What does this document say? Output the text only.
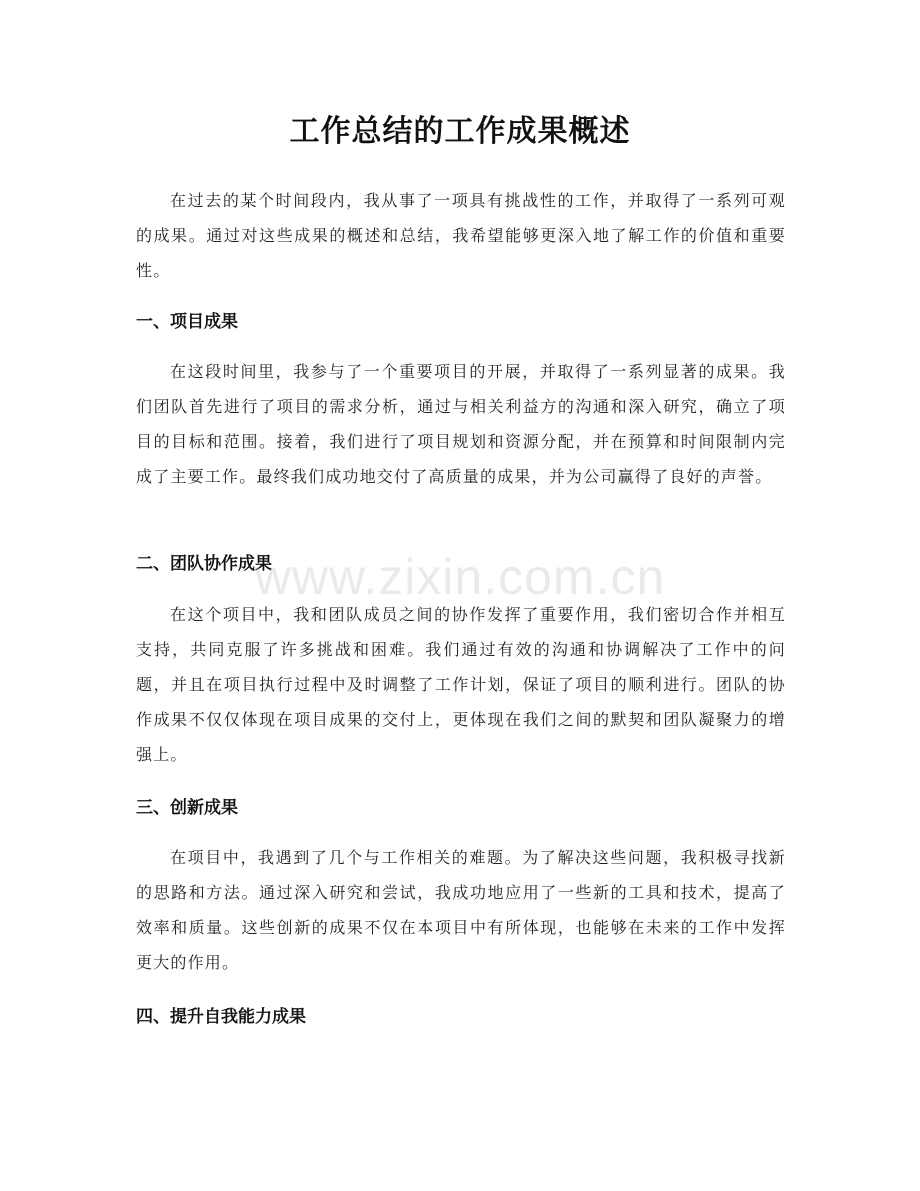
工作总结的工作成果概述

在过去的某个时间段内，我从事了一项具有挑战性的工作，并取得了一系列可观的成果。通过对这些成果的概述和总结，我希望能够更深入地了解工作的价值和重要性。

一、项目成果

在这段时间里，我参与了一个重要项目的开展，并取得了一系列显著的成果。我们团队首先进行了项目的需求分析，通过与相关利益方的沟通和深入研究，确立了项目的目标和范围。接着，我们进行了项目规划和资源分配，并在预算和时间限制内完成了主要工作。最终我们成功地交付了高质量的成果，并为公司赢得了良好的声誉。

二、团队协作成果

在这个项目中，我和团队成员之间的协作发挥了重要作用，我们密切合作并相互支持，共同克服了许多挑战和困难。我们通过有效的沟通和协调解决了工作中的问题，并且在项目执行过程中及时调整了工作计划，保证了项目的顺利进行。团队的协作成果不仅仅体现在项目成果的交付上，更体现在我们之间的默契和团队凝聚力的增强上。

三、创新成果

在项目中，我遇到了几个与工作相关的难题。为了解决这些问题，我积极寻找新的思路和方法。通过深入研究和尝试，我成功地应用了一些新的工具和技术，提高了效率和质量。这些创新的成果不仅在本项目中有所体现，也能够在未来的工作中发挥更大的作用。

四、提升自我能力成果
www.zixin.com.cn
